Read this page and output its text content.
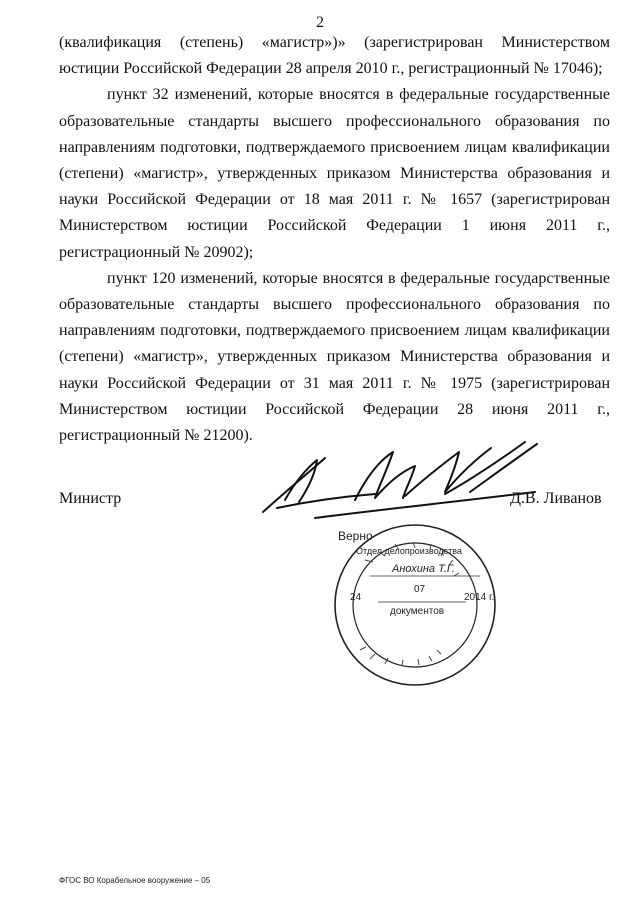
2

(квалификация (степень) «магистр»)» (зарегистрирован Министерством юстиции Российской Федерации 28 апреля 2010 г., регистрационный № 17046);

пункт 32 изменений, которые вносятся в федеральные государственные образовательные стандарты высшего профессионального образования по направлениям подготовки, подтверждаемого присвоением лицам квалификации (степени) «магистр», утвержденных приказом Министерства образования и науки Российской Федерации от 18 мая 2011 г. № 1657 (зарегистрирован Министерством юстиции Российской Федерации 1 июня 2011 г., регистрационный № 20902);

пункт 120 изменений, которые вносятся в федеральные государственные образовательные стандарты высшего профессионального образования по направлениям подготовки, подтверждаемого присвоением лицам квалификации (степени) «магистр», утвержденных приказом Министерства образования и науки Российской Федерации от 31 мая 2011 г. № 1975 (зарегистрирован Министерством юстиции Российской Федерации 28 июня 2011 г., регистрационный № 21200).

Министр	Д.В. Ливанов
Верно
Отдел делопроизводства
Анохина Т.Г.
24
07
2014 г.
документов
ФГОС ВО Корабельное вооружение – 05
